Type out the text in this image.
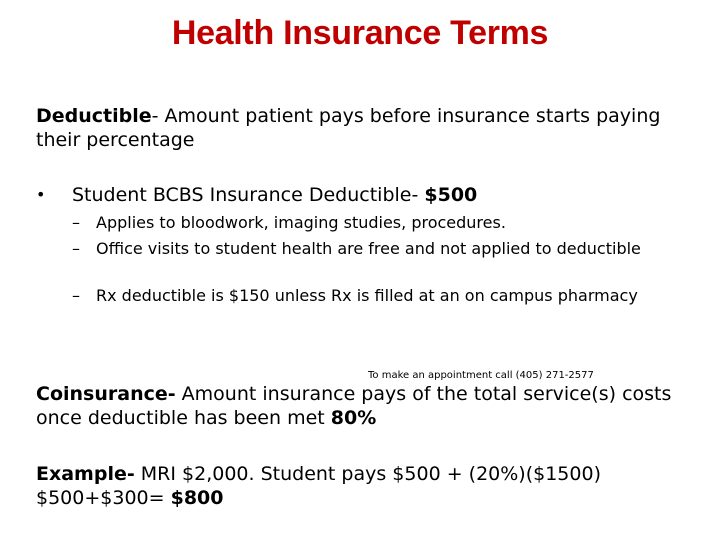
Health Insurance Terms
Deductible- Amount patient pays before insurance starts paying their percentage
• Student BCBS Insurance Deductible- $500
– Applies to bloodwork, imaging studies, procedures.
– Office visits to student health are free and not applied to deductible
– Rx deductible is $150 unless Rx is filled at an on campus pharmacy
To make an appointment call (405) 271-2577
Coinsurance- Amount insurance pays of the total service(s) costs once deductible has been met 80%
Example- MRI $2,000. Student pays $500 + (20%)($1500) $500+$300= $800
